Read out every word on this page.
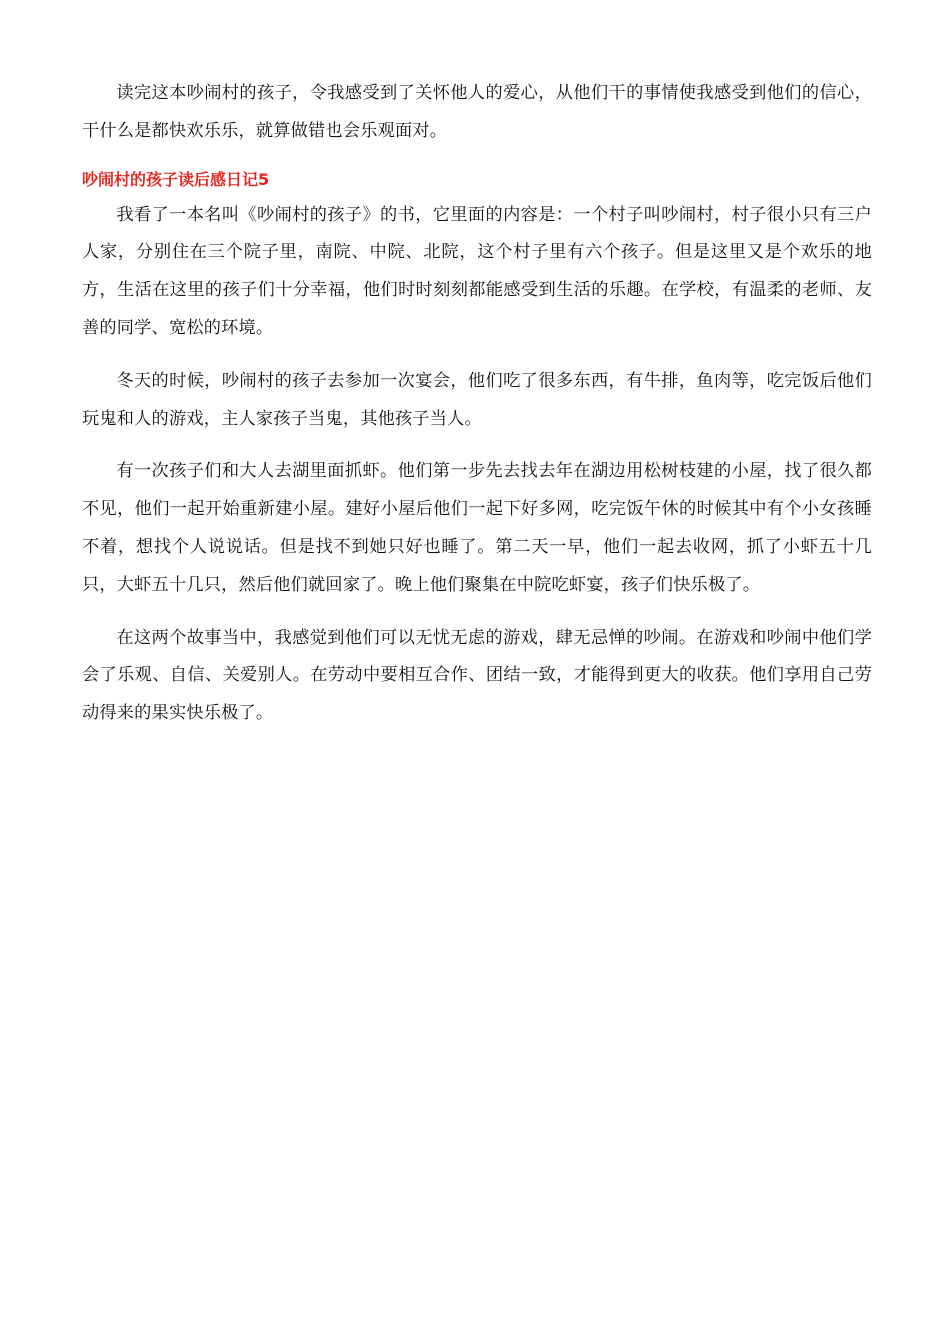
读完这本吵闹村的孩子，令我感受到了关怀他人的爱心，从他们干的事情使我感受到他们的信心，干什么是都快欢乐乐，就算做错也会乐观面对。

吵闹村的孩子读后感日记5

我看了一本名叫《吵闹村的孩子》的书，它里面的内容是：一个村子叫吵闹村，村子很小只有三户人家，分别住在三个院子里，南院、中院、北院，这个村子里有六个孩子。但是这里又是个欢乐的地方，生活在这里的孩子们十分幸福，他们时时刻刻都能感受到生活的乐趣。在学校，有温柔的老师、友善的同学、宽松的环境。

冬天的时候，吵闹村的孩子去参加一次宴会，他们吃了很多东西，有牛排，鱼肉等，吃完饭后他们玩鬼和人的游戏，主人家孩子当鬼，其他孩子当人。

有一次孩子们和大人去湖里面抓虾。他们第一步先去找去年在湖边用松树枝建的小屋，找了很久都不见，他们一起开始重新建小屋。建好小屋后他们一起下好多网，吃完饭午休的时候其中有个小女孩睡不着，想找个人说说话。但是找不到她只好也睡了。第二天一早，他们一起去收网，抓了小虾五十几只，大虾五十几只，然后他们就回家了。晚上他们聚集在中院吃虾宴，孩子们快乐极了。

在这两个故事当中，我感觉到他们可以无忧无虑的游戏，肆无忌惮的吵闹。在游戏和吵闹中他们学会了乐观、自信、关爱别人。在劳动中要相互合作、团结一致，才能得到更大的收获。他们享用自己劳动得来的果实快乐极了。
